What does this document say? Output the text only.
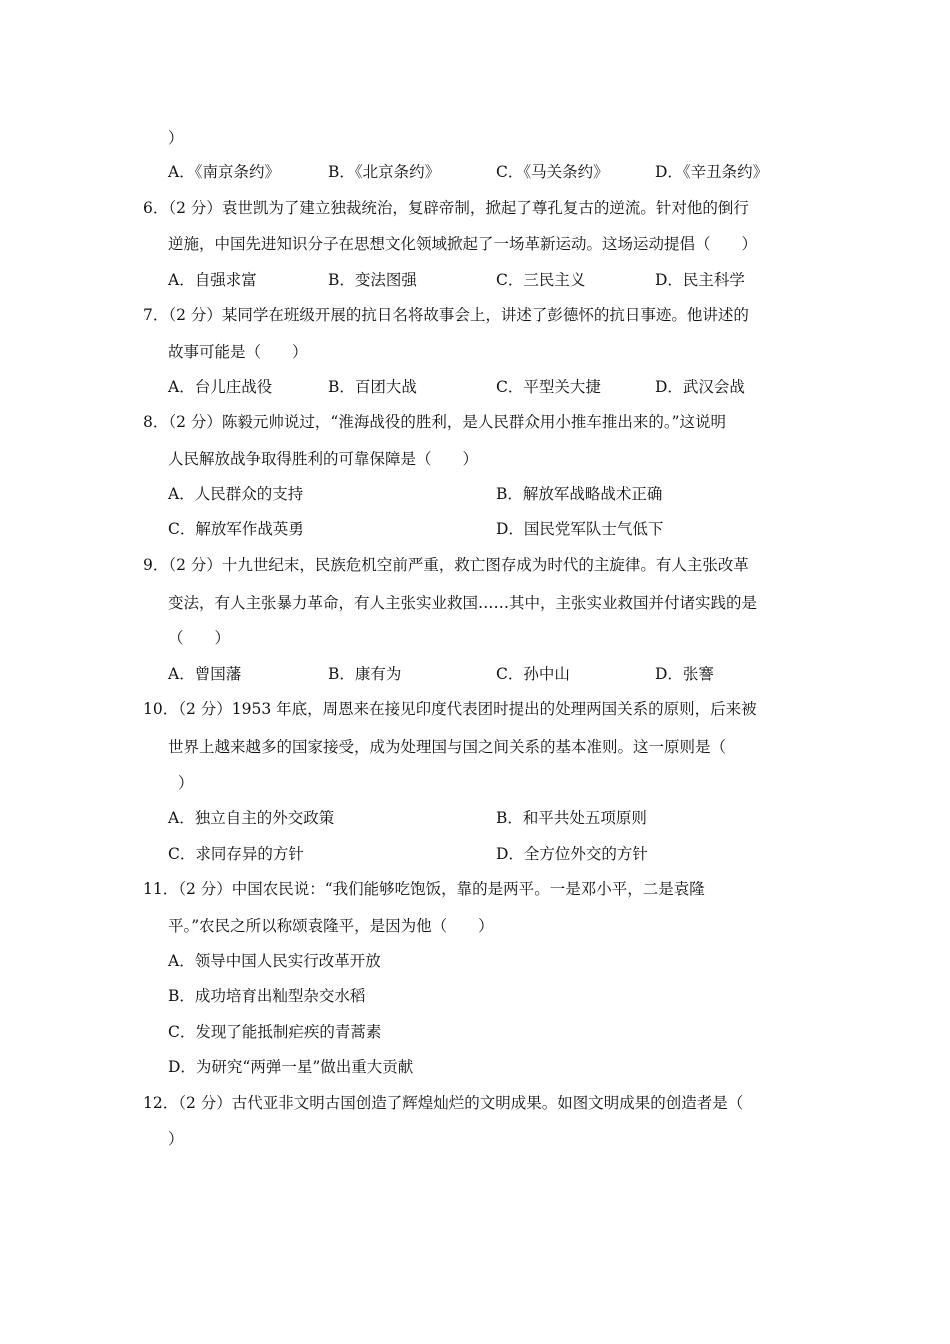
）
A．《南京条约》	B．《北京条约》	C．《马关条约》	D．《辛丑条约》
6．（2 分）袁世凯为了建立独裁统治，复辟帝制，掀起了尊孔复古的逆流。针对他的倒行
逆施，中国先进知识分子在思想文化领域掀起了一场革新运动。这场运动提倡（　　）
A．自强求富	B．变法图强	C．三民主义	D．民主科学
7．（2 分）某同学在班级开展的抗日名将故事会上，讲述了彭德怀的抗日事迹。他讲述的
故事可能是（　　）
A．台儿庄战役	B．百团大战	C．平型关大捷	D．武汉会战
8．（2 分）陈毅元帅说过，“淮海战役的胜利，是人民群众用小推车推出来的。”这说明
人民解放战争取得胜利的可靠保障是（　　）
A．人民群众的支持	B．解放军战略战术正确
C．解放军作战英勇	D．国民党军队士气低下
9．（2 分）十九世纪末，民族危机空前严重，救亡图存成为时代的主旋律。有人主张改革
变法，有人主张暴力革命，有人主张实业救国……其中，主张实业救国并付诸实践的是
（　　）
A．曾国藩	B．康有为	C．孙中山	D．张謇
10．（2 分）1953 年底，周恩来在接见印度代表团时提出的处理两国关系的原则，后来被
世界上越来越多的国家接受，成为处理国与国之间关系的基本准则。这一原则是（
）
A．独立自主的外交政策	B．和平共处五项原则
C．求同存异的方针	D．全方位外交的方针
11．（2 分）中国农民说：“我们能够吃饱饭，靠的是两平。一是邓小平，二是袁隆
平。”农民之所以称颂袁隆平，是因为他（　　）
A．领导中国人民实行改革开放
B．成功培育出籼型杂交水稻
C．发现了能抵制疟疾的青蒿素
D．为研究“两弹一星”做出重大贡献
12．（2 分）古代亚非文明古国创造了辉煌灿烂的文明成果。如图文明成果的创造者是（
）
